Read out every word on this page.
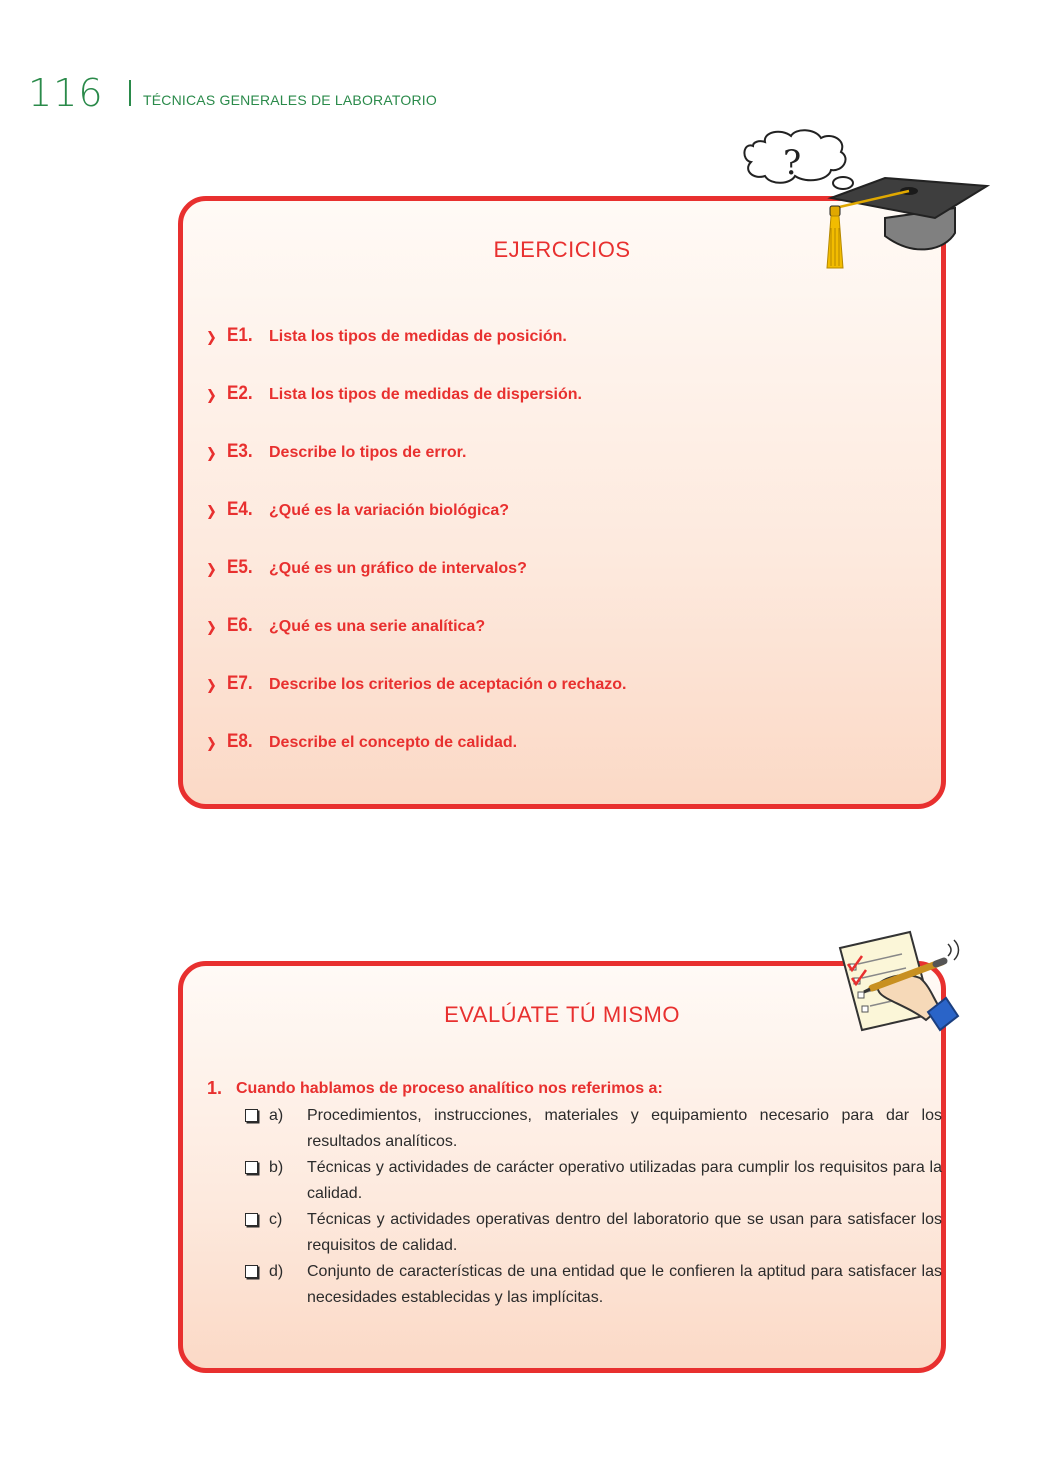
116	TÉCNICAS GENERALES DE LABORATORIO
EJERCICIOS
E1.	Lista los tipos de medidas de posición.
E2.	Lista los tipos de medidas de dispersión.
E3.	Describe lo tipos de error.
E4.	¿Qué es la variación biológica?
E5.	¿Qué es un gráfico de intervalos?
E6.	¿Qué es una serie analítica?
E7.	Describe los criterios de aceptación o rechazo.
E8.	Describe el concepto de calidad.
?
EVALÚATE TÚ MISMO
1. Cuando hablamos de proceso analítico nos referimos a:
a) Procedimientos, instrucciones, materiales y equipamiento necesario para dar los resultados analíticos.
b) Técnicas y actividades de carácter operativo utilizadas para cumplir los requisitos para la calidad.
c) Técnicas y actividades operativas dentro del laboratorio que se usan para satisfacer los requisitos de calidad.
d) Conjunto de características de una entidad que le confieren la aptitud para satisfacer las necesidades establecidas y las implícitas.
